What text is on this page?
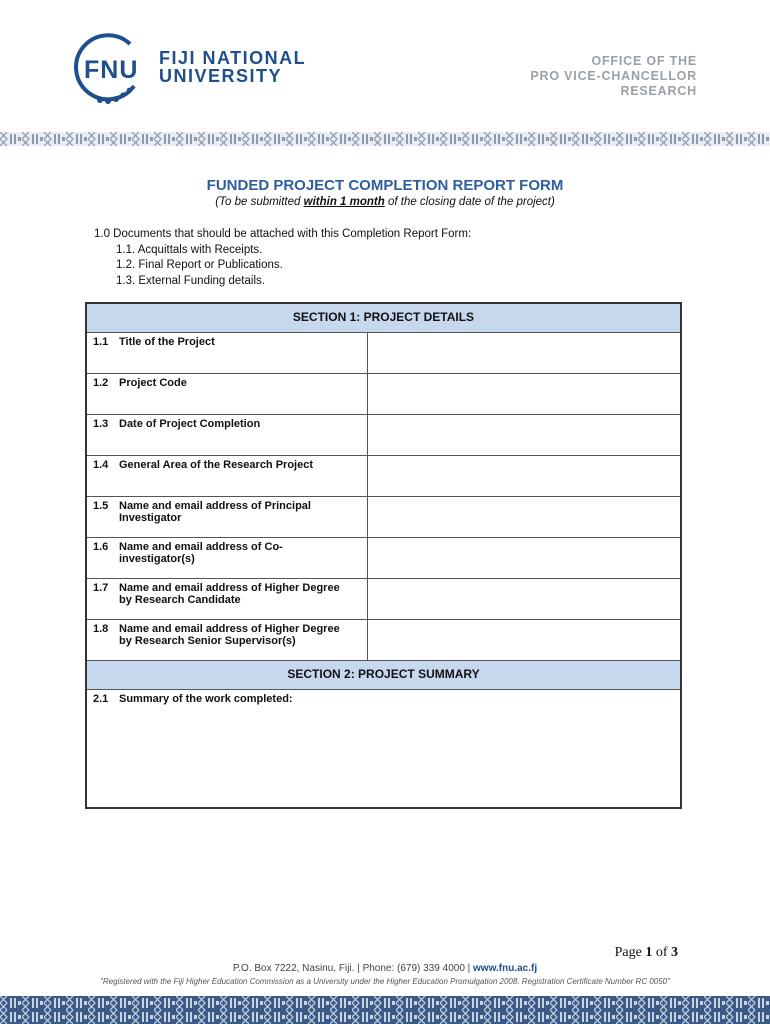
FNU FIJI NATIONAL
UNIVERSITY
OFFICE OF THE
PRO VICE-CHANCELLOR
RESEARCH
FUNDED PROJECT COMPLETION REPORT FORM
(To be submitted within 1 month of the closing date of the project)
1.0 Documents that should be attached with this Completion Report Form:
1.1. Acquittals with Receipts.
1.2. Final Report or Publications.
1.3. External Funding details.
SECTION 1: PROJECT DETAILS	
1.1 Title of the Project	
1.2 Project Code	
1.3 Date of Project Completion	
1.4 General Area of the Research Project	
1.5 Name and email address of Principal
Investigator	

1.6 Name and email address of Co-
investigator(s)	

1.7 Name and email address of Higher Degree
by Research Candidate	

1.8 Name and email address of Higher Degree
by Research Senior Supervisor(s)	

SECTION 2: PROJECT SUMMARY	
2.1 Summary of the work completed:	
Page 1 of 3
P.O. Box 7222, Nasinu, Fiji. | Phone: (679) 339 4000 | www.fnu.ac.fj
"Registered with the Fiji Higher Education Commission as a University under the Higher Education Promulgation 2008. Registration Certificate Number RC 0050"
